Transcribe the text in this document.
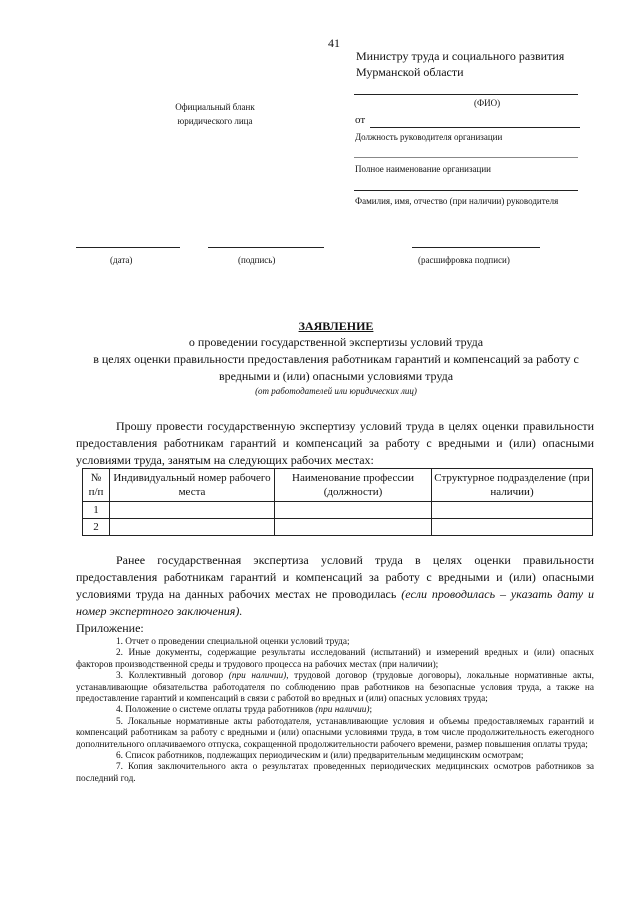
41
Министру труда и социального развития
Мурманской области
(ФИО)
от
Должность руководителя организации
Полное наименование организации
Фамилия, имя, отчество (при наличии) руководителя
Официальный бланк
юридического лица
(дата)	(подпись)	(расшифровка подписи)
ЗАЯВЛЕНИЕ
о проведении государственной экспертизы условий труда
в целях оценки правильности предоставления работникам гарантий и компенсаций за работу с
вредными и (или) опасными условиями труда
(от работодателей или юридических лиц)

Прошу провести государственную экспертизу условий труда в целях оценки правильности предоставления работникам гарантий и компенсаций за работу с вредными и (или) опасными условиями труда, занятым на следующих рабочих местах:

№ п/п	Индивидуальный номер рабочего места	Наименование профессии (должности)	Структурное подразделение (при наличии)
1			
2			

Ранее государственная экспертиза условий труда в целях оценки правильности предоставления работникам гарантий и компенсаций за работу с вредными и (или) опасными условиями труда на данных рабочих местах не проводилась (если проводилась – указать дату и номер экспертного заключения).

Приложение:

1. Отчет о проведении специальной оценки условий труда;

2. Иные документы, содержащие результаты исследований (испытаний) и измерений вредных и (или) опасных факторов производственной среды и трудового процесса на рабочих местах (при наличии);

3. Коллективный договор (при наличии), трудовой договор (трудовые договоры), локальные нормативные акты, устанавливающие обязательства работодателя по соблюдению прав работников на безопасные условия труда, а также на предоставление гарантий и компенсаций в связи с работой во вредных и (или) опасных условиях труда;

4. Положение о системе оплаты труда работников (при наличии);

5. Локальные нормативные акты работодателя, устанавливающие условия и объемы предоставляемых гарантий и компенсаций работникам за работу с вредными и (или) опасными условиями труда, в том числе продолжительность ежегодного дополнительного оплачиваемого отпуска, сокращенной продолжительности рабочего времени, размер повышения оплаты труда;

6. Список работников, подлежащих периодическим и (или) предварительным медицинским осмотрам;

7. Копия заключительного акта о результатах проведенных периодических медицинских осмотров работников за последний год.
